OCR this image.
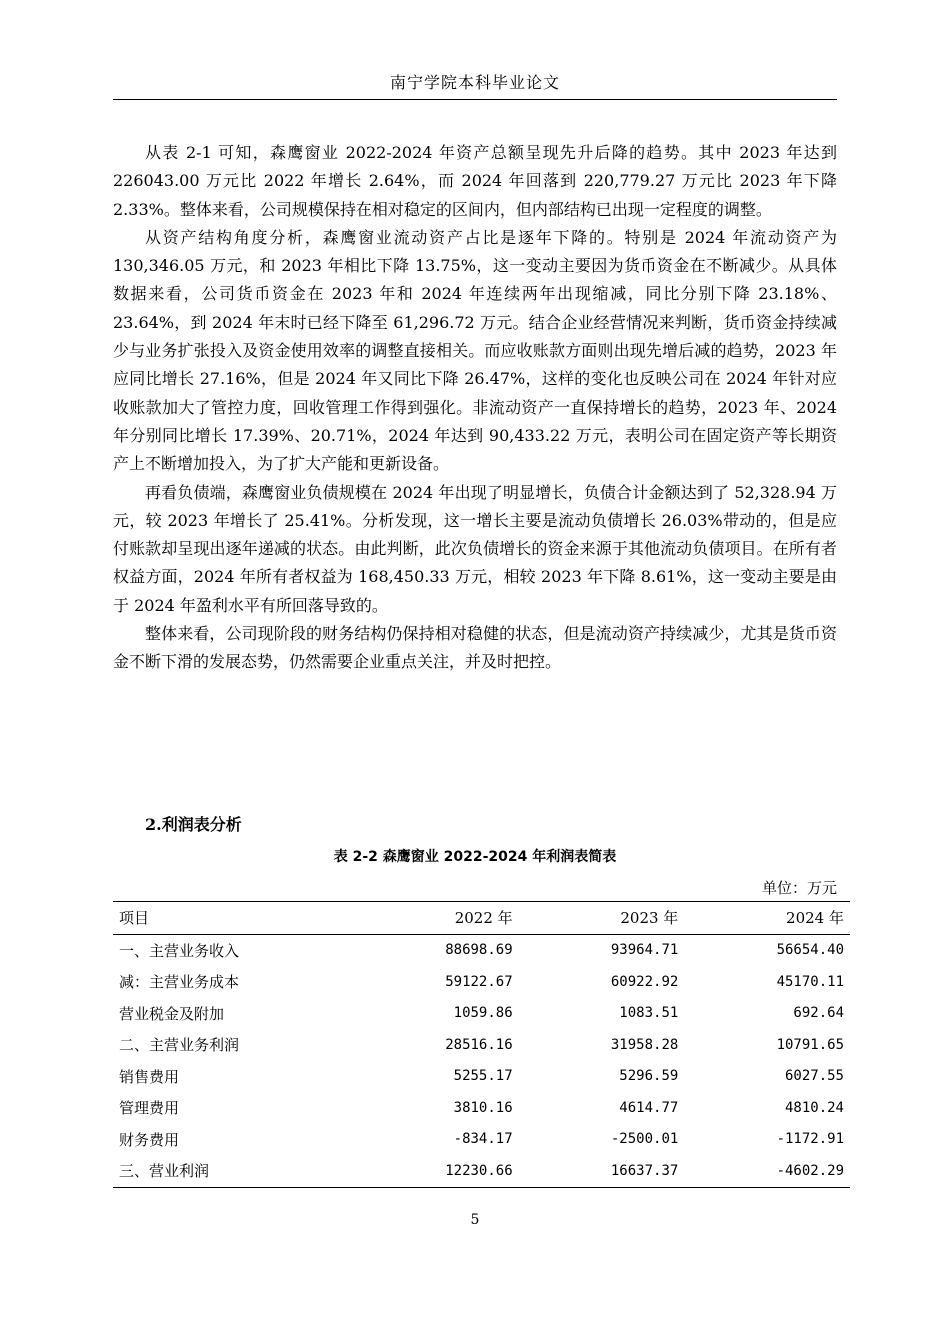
南宁学院本科毕业论文

从表 2-1 可知，森鹰窗业 2022-2024 年资产总额呈现先升后降的趋势。其中 2023 年达到 226043.00 万元比 2022 年增长 2.64%，而 2024 年回落到 220,779.27 万元比 2023 年下降 2.33%。整体来看，公司规模保持在相对稳定的区间内，但内部结构已出现一定程度的调整。

从资产结构角度分析，森鹰窗业流动资产占比是逐年下降的。特别是 2024 年流动资产为 130,346.05 万元，和 2023 年相比下降 13.75%，这一变动主要因为货币资金在不断减少。从具体数据来看，公司货币资金在 2023 年和 2024 年连续两年出现缩减，同比分别下降 23.18%、23.64%，到 2024 年末时已经下降至 61,296.72 万元。结合企业经营情况来判断，货币资金持续减少与业务扩张投入及资金使用效率的调整直接相关。而应收账款方面则出现先增后减的趋势，2023 年应同比增长 27.16%，但是 2024 年又同比下降 26.47%，这样的变化也反映公司在 2024 年针对应收账款加大了管控力度，回收管理工作得到强化。非流动资产一直保持增长的趋势，2023 年、2024 年分别同比增长 17.39%、20.71%，2024 年达到 90,433.22 万元，表明公司在固定资产等长期资产上不断增加投入，为了扩大产能和更新设备。

再看负债端，森鹰窗业负债规模在 2024 年出现了明显增长，负债合计金额达到了 52,328.94 万元，较 2023 年增长了 25.41%。分析发现，这一增长主要是流动负债增长 26.03%带动的，但是应付账款却呈现出逐年递减的状态。由此判断，此次负债增长的资金来源于其他流动负债项目。在所有者权益方面，2024 年所有者权益为 168,450.33 万元，相较 2023 年下降 8.61%，这一变动主要是由于 2024 年盈利水平有所回落导致的。

整体来看，公司现阶段的财务结构仍保持相对稳健的状态，但是流动资产持续减少，尤其是货币资金不断下滑的发展态势，仍然需要企业重点关注，并及时把控。

2.利润表分析
表 2-2 森鹰窗业 2022-2024 年利润表简表
单位：万元
项目	2022 年	2023 年	2024 年
一、主营业务收入	88698.69	93964.71	56654.40
减：主营业务成本	59122.67	60922.92	45170.11
营业税金及附加	1059.86	1083.51	692.64
二、主营业务利润	28516.16	31958.28	10791.65
销售费用	5255.17	5296.59	6027.55
管理费用	3810.16	4614.77	4810.24
财务费用	-834.17	-2500.01	-1172.91
三、营业利润	12230.66	16637.37	-4602.29
5
